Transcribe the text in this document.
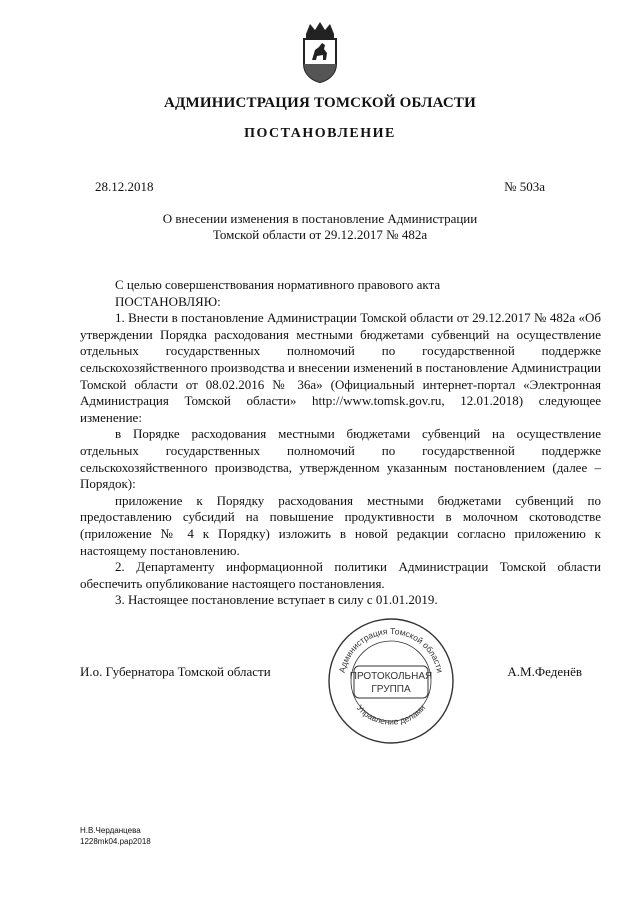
АДМИНИСТРАЦИЯ ТОМСКОЙ ОБЛАСТИ
ПОСТАНОВЛЕНИЕ
28.12.2018	№ 503а
О внесении изменения в постановление Администрации
Томской области от 29.12.2017 № 482а

С целью совершенствования нормативного правового акта

ПОСТАНОВЛЯЮ:

1. Внести в постановление Администрации Томской области от 29.12.2017 № 482а «Об утверждении Порядка расходования местными бюджетами субвенций на осуществление отдельных государственных полномочий по государственной поддержке сельскохозяйственного производства и внесении изменений в постановление Администрации Томской области от 08.02.2016 № 36а» (Официальный интернет-портал «Электронная Администрация Томской области» http://www.tomsk.gov.ru, 12.01.2018) следующее изменение:

в Порядке расходования местными бюджетами субвенций на осуществление отдельных государственных полномочий по государственной поддержке сельскохозяйственного производства, утвержденном указанным постановлением (далее – Порядок):

приложение к Порядку расходования местными бюджетами субвенций по предоставлению субсидий на повышение продуктивности в молочном скотоводстве (приложение № 4 к Порядку) изложить в новой редакции согласно приложению к настоящему постановлению.

2. Департаменту информационной политики Администрации Томской области обеспечить опубликование настоящего постановления.

3. Настоящее постановление вступает в силу с 01.01.2019.

И.о. Губернатора Томской области	А.М.Феденёв
Администрация Томской области
Управление делами
ПРОТОКОЛЬНАЯ
ГРУППА
Н.В.Черданцева
1228mk04.pap2018
